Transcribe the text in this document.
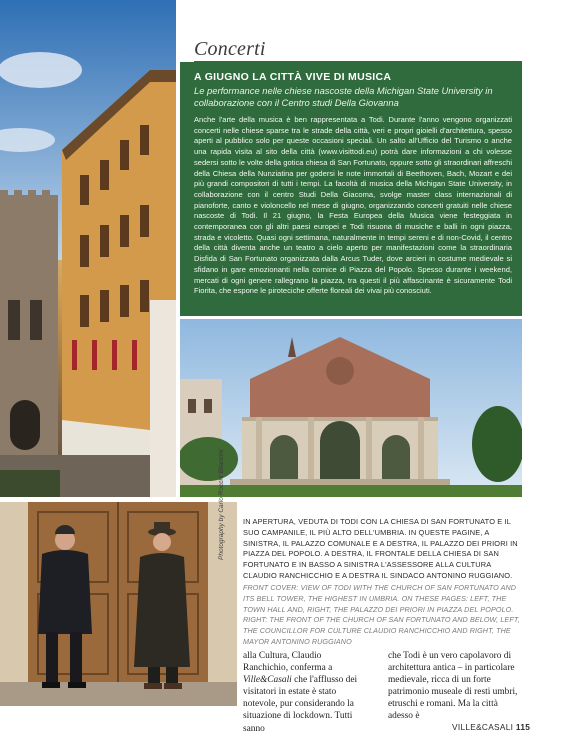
Concerti
A GIUGNO LA CITTÀ VIVE DI MUSICA
Le performance nelle chiese nascoste della Michigan State University in collaborazione con il Centro studi Della Giovanna
Anche l'arte della musica è ben rappresentata a Todi. Durante l'anno vengono organizzati concerti nelle chiese sparse tra le strade della città, veri e propri gioielli d'architettura, spesso aperti al pubblico solo per queste occasioni speciali. Un salto all'Ufficio del Turismo o anche una rapida visita al sito della città (www.visittodi.eu) potrà dare informazioni a chi volesse sedersi sotto le volte della gotica chiesa di San Fortunato, oppure sotto gli straordinari affreschi della Chiesa della Nunziatina per godersi le note immortali di Beethoven, Bach, Mozart e dei più grandi compositori di tutti i tempi. La facoltà di musica della Michigan State University, in collaborazione con il centro Studi Della Giacoma, svolge master class internazionali di pianoforte, canto e violoncello nel mese di giugno, organizzando concerti gratuiti nelle chiese nascoste di Todi. Il 21 giugno, la Festa Europea della Musica viene festeggiata in contemporanea con gli altri paesi europei e Todi risuona di musiche e balli in ogni piazza, strada e vicoletto. Quasi ogni settimana, naturalmente in tempi sereni e di non-Covid, il centro della città diventa anche un teatro a cielo aperto per manifestazioni come la straordinaria Disfida di San Fortunato organizzata dalla Arcus Tuder, dove arcieri in costume medievale si sfidano in gare emozionanti nella cornice di Piazza del Popolo. Spesso durante i weekend, mercati di ogni genere rallegrano la piazza, tra questi il più affascinante è sicuramente Todi Fiorita, che espone le piroteciche offerte floreali dei vivai più conosciuti.
Photography by Carlo Rocchi Bilancini IN APERTURA, VEDUTA DI TODI CON LA CHIESA DI SAN FORTUNATO E IL SUO CAMPANILE, IL PIÙ ALTO DELL'UMBRIA. IN QUESTE PAGINE, A SINISTRA, IL PALAZZO COMUNALE E A DESTRA, IL PALAZZO DEI PRIORI IN PIAZZA DEL POPOLO. A DESTRA, IL FRONTALE DELLA CHIESA DI SAN FORTUNATO E IN BASSO A SINISTRA L'ASSESSORE ALLA CULTURA CLAUDIO RANCHICCHIO E A DESTRA IL SINDACO ANTONINO RUGGIANO.
FRONT COVER: VIEW OF TODI WITH THE CHURCH OF SAN FORTUNATO AND ITS BELL TOWER, THE HIGHEST IN UMBRIA. ON THESE PAGES: LEFT, THE TOWN HALL AND, RIGHT, THE PALAZZO DEI PRIORI IN PIAZZA DEL POPOLO. RIGHT: THE FRONT OF THE CHURCH OF SAN FORTUNATO AND BELOW, LEFT, THE COUNCILLOR FOR CULTURE CLAUDIO RANCHICCHIO AND RIGHT, THE MAYOR ANTONINO RUGGIANO
alla Cultura, Claudio Ranchichio, conferma a Ville&Casali che l'afflusso dei visitatori in estate è stato notevole, pur considerando la situazione di lockdown. Tutti sanno
che Todi è un vero capolavoro di architettura antica – in particolare medievale, ricca di un forte patrimonio museale di resti umbri, etruschi e romani. Ma la città adesso è
VILLE&CASALI 115
